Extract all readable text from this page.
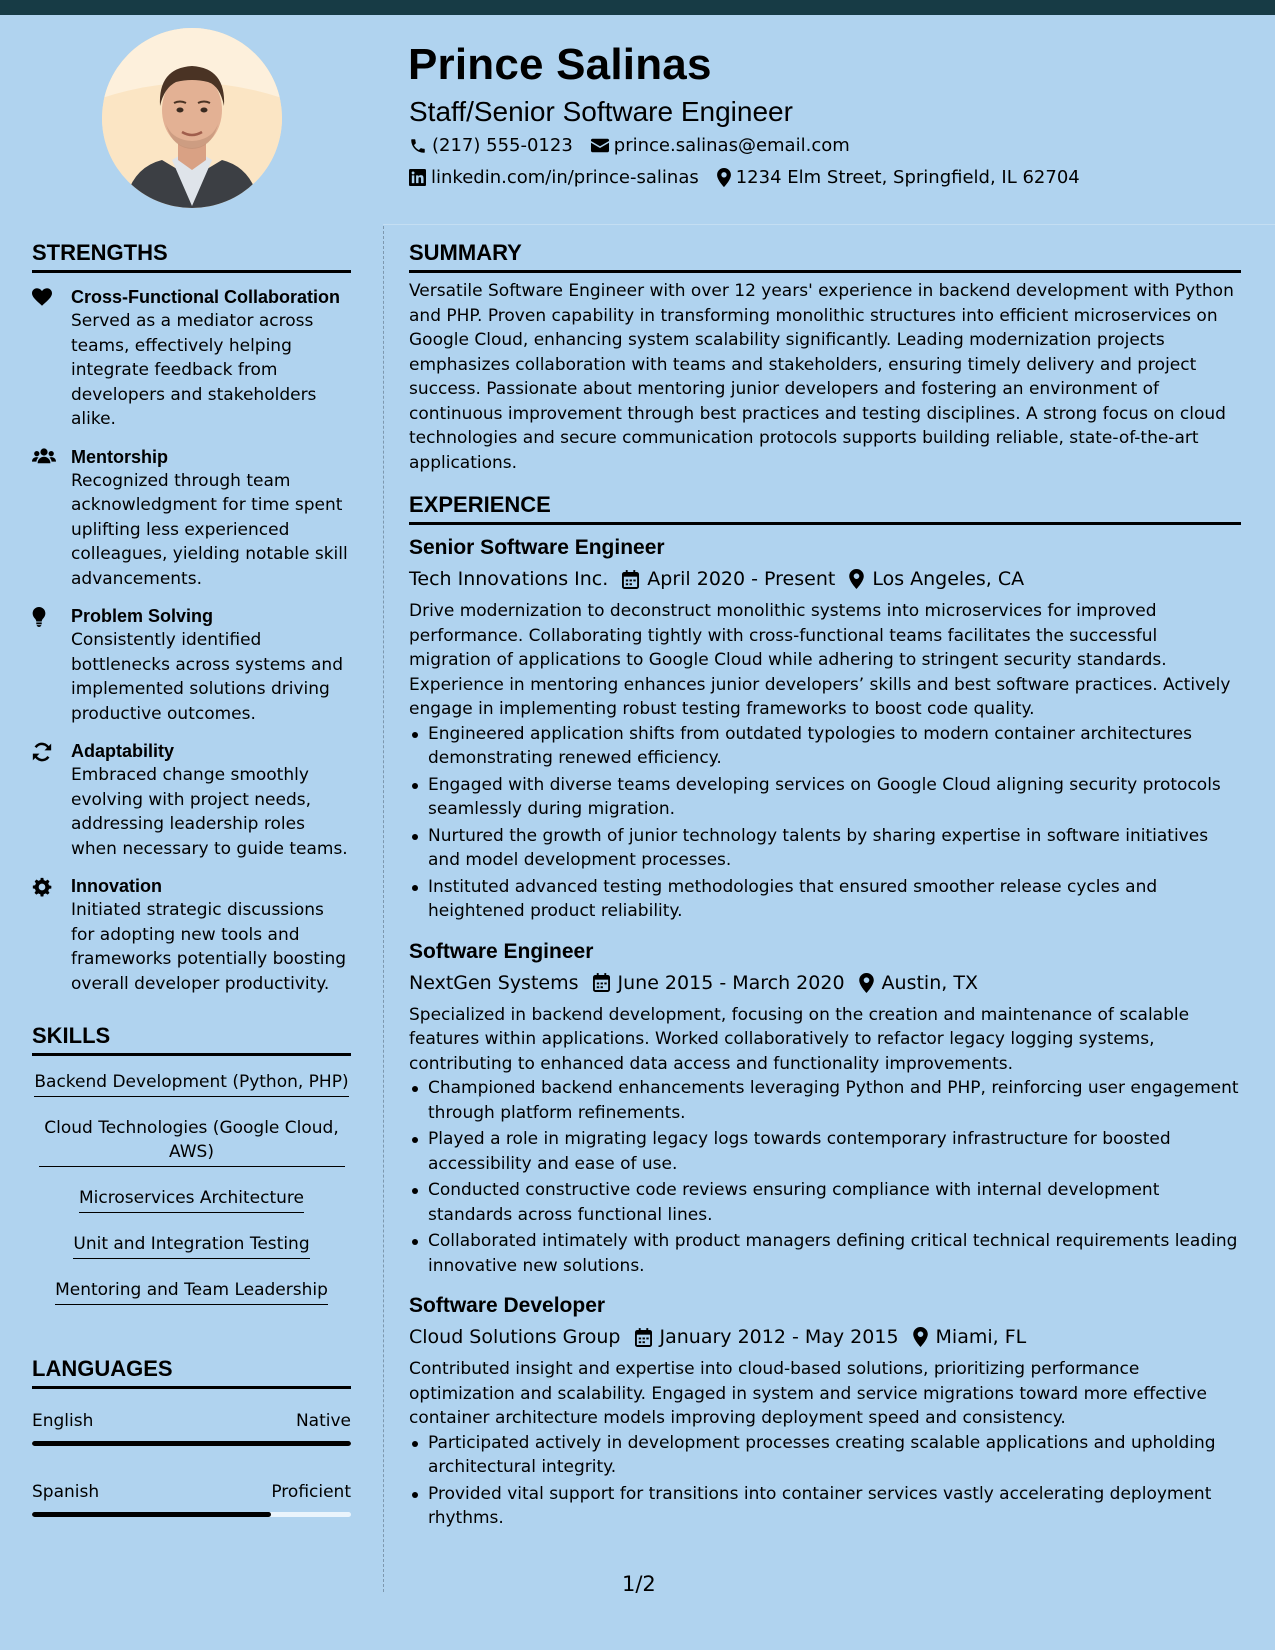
Prince Salinas
Staff/Senior Software Engineer
(217) 555-0123 prince.salinas@email.com
linkedin.com/in/prince-salinas 1234 Elm Street, Springfield, IL 62704
STRENGTHS
Cross-Functional Collaboration
Served as a mediator across teams, effectively helping integrate feedback from developers and stakeholders alike.
Mentorship
Recognized through team acknowledgment for time spent uplifting less experienced colleagues, yielding notable skill advancements.
Problem Solving
Consistently identified bottlenecks across systems and implemented solutions driving productive outcomes.
Adaptability
Embraced change smoothly evolving with project needs, addressing leadership roles when necessary to guide teams.
Innovation
Initiated strategic discussions for adopting new tools and frameworks potentially boosting overall developer productivity.
SKILLS
Backend Development (Python, PHP)
Cloud Technologies (Google Cloud, AWS)
Microservices Architecture
Unit and Integration Testing
Mentoring and Team Leadership
LANGUAGES
English	Native
Spanish	Proficient
SUMMARY
Versatile Software Engineer with over 12 years' experience in backend development with Python and PHP. Proven capability in transforming monolithic structures into efficient microservices on Google Cloud, enhancing system scalability significantly. Leading modernization projects emphasizes collaboration with teams and stakeholders, ensuring timely delivery and project success. Passionate about mentoring junior developers and fostering an environment of continuous improvement through best practices and testing disciplines. A strong focus on cloud technologies and secure communication protocols supports building reliable, state-of-the-art applications.
EXPERIENCE
Senior Software Engineer
Tech Innovations Inc. April 2020 - Present Los Angeles, CA
Drive modernization to deconstruct monolithic systems into microservices for improved performance. Collaborating tightly with cross-functional teams facilitates the successful migration of applications to Google Cloud while adhering to stringent security standards. Experience in mentoring enhances junior developers’ skills and best software practices. Actively engage in implementing robust testing frameworks to boost code quality.
Engineered application shifts from outdated typologies to modern container architectures demonstrating renewed efficiency.
Engaged with diverse teams developing services on Google Cloud aligning security protocols seamlessly during migration.
Nurtured the growth of junior technology talents by sharing expertise in software initiatives and model development processes.
Instituted advanced testing methodologies that ensured smoother release cycles and heightened product reliability.
Software Engineer
NextGen Systems June 2015 - March 2020 Austin, TX
Specialized in backend development, focusing on the creation and maintenance of scalable features within applications. Worked collaboratively to refactor legacy logging systems, contributing to enhanced data access and functionality improvements.
Championed backend enhancements leveraging Python and PHP, reinforcing user engagement through platform refinements.
Played a role in migrating legacy logs towards contemporary infrastructure for boosted accessibility and ease of use.
Conducted constructive code reviews ensuring compliance with internal development standards across functional lines.
Collaborated intimately with product managers defining critical technical requirements leading innovative new solutions.
Software Developer
Cloud Solutions Group January 2012 - May 2015 Miami, FL
Contributed insight and expertise into cloud-based solutions, prioritizing performance optimization and scalability. Engaged in system and service migrations toward more effective container architecture models improving deployment speed and consistency.
Participated actively in development processes creating scalable applications and upholding architectural integrity.
Provided vital support for transitions into container services vastly accelerating deployment rhythms.
1/2
